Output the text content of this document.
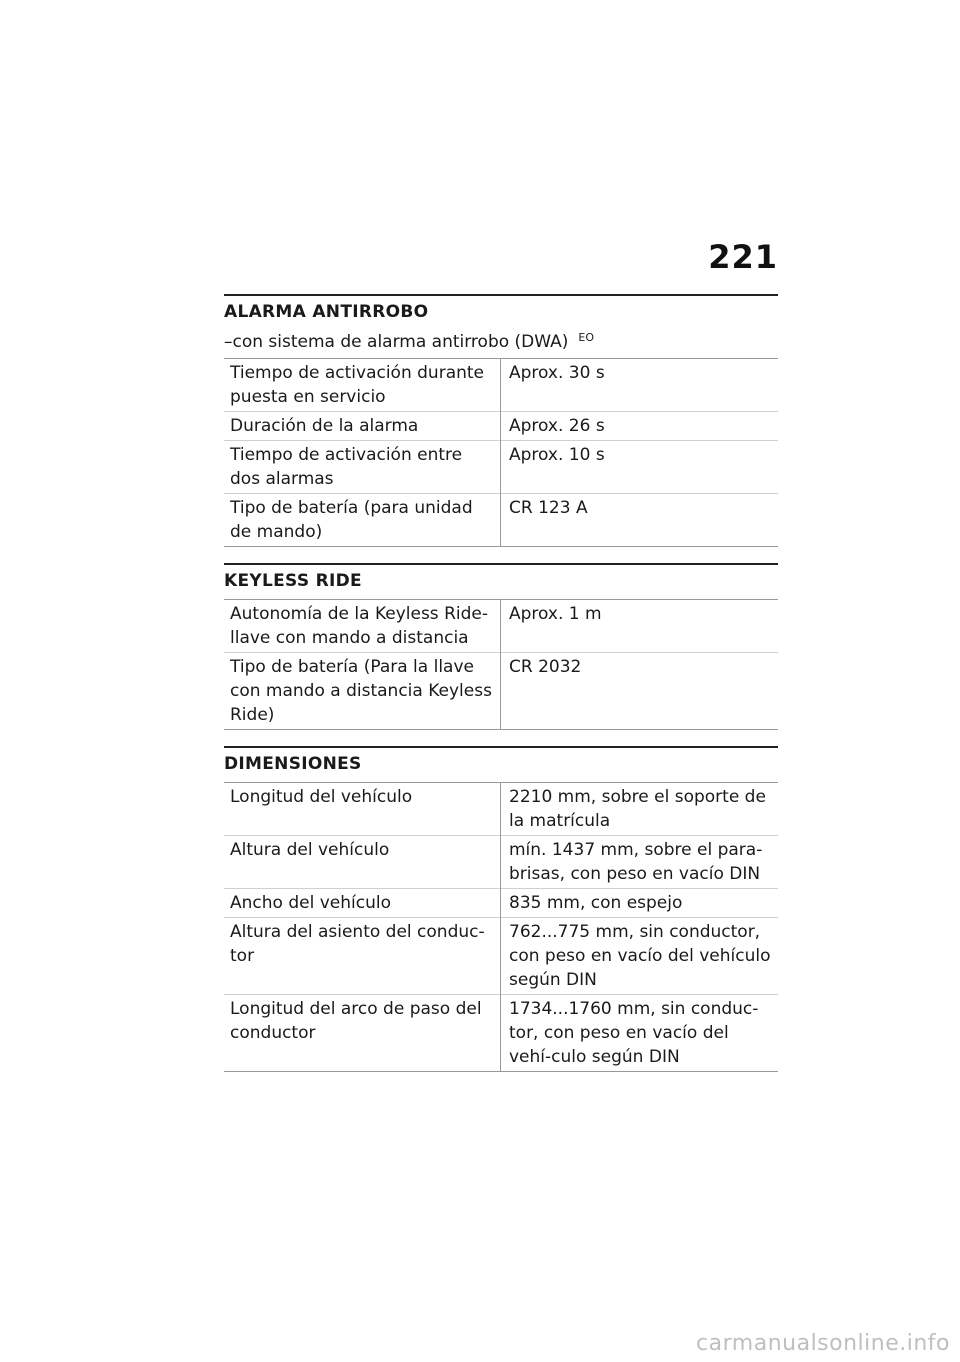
221
ALARMA ANTIRROBO
–con sistema de alarma antirrobo (DWA) $^{EO}$
Tiempo de activación durante puesta en servicio	Aprox. 30 s
Duración de la alarma	Aprox. 26 s
Tiempo de activación entre dos alarmas	Aprox. 10 s
Tipo de batería (para unidad de mando)	CR 123 A
KEYLESS RIDE
Autonomía de la Keyless Ride-llave con mando a distancia	Aprox. 1 m
Tipo de batería (Para la llave con mando a distancia Keyless Ride)	CR 2032
DIMENSIONES
Longitud del vehículo	2210 mm, sobre el soporte de la matrícula
Altura del vehículo	mín. 1437 mm, sobre el para-brisas, con peso en vacío DIN
Ancho del vehículo	835 mm, con espejo
Altura del asiento del conduc-tor	762...775 mm, sin conductor, con peso en vacío del vehículo según DIN
Longitud del arco de paso del conductor	1734...1760 mm, sin conduc-tor, con peso en vacío del vehí-culo según DIN
carmanualsonline.info
